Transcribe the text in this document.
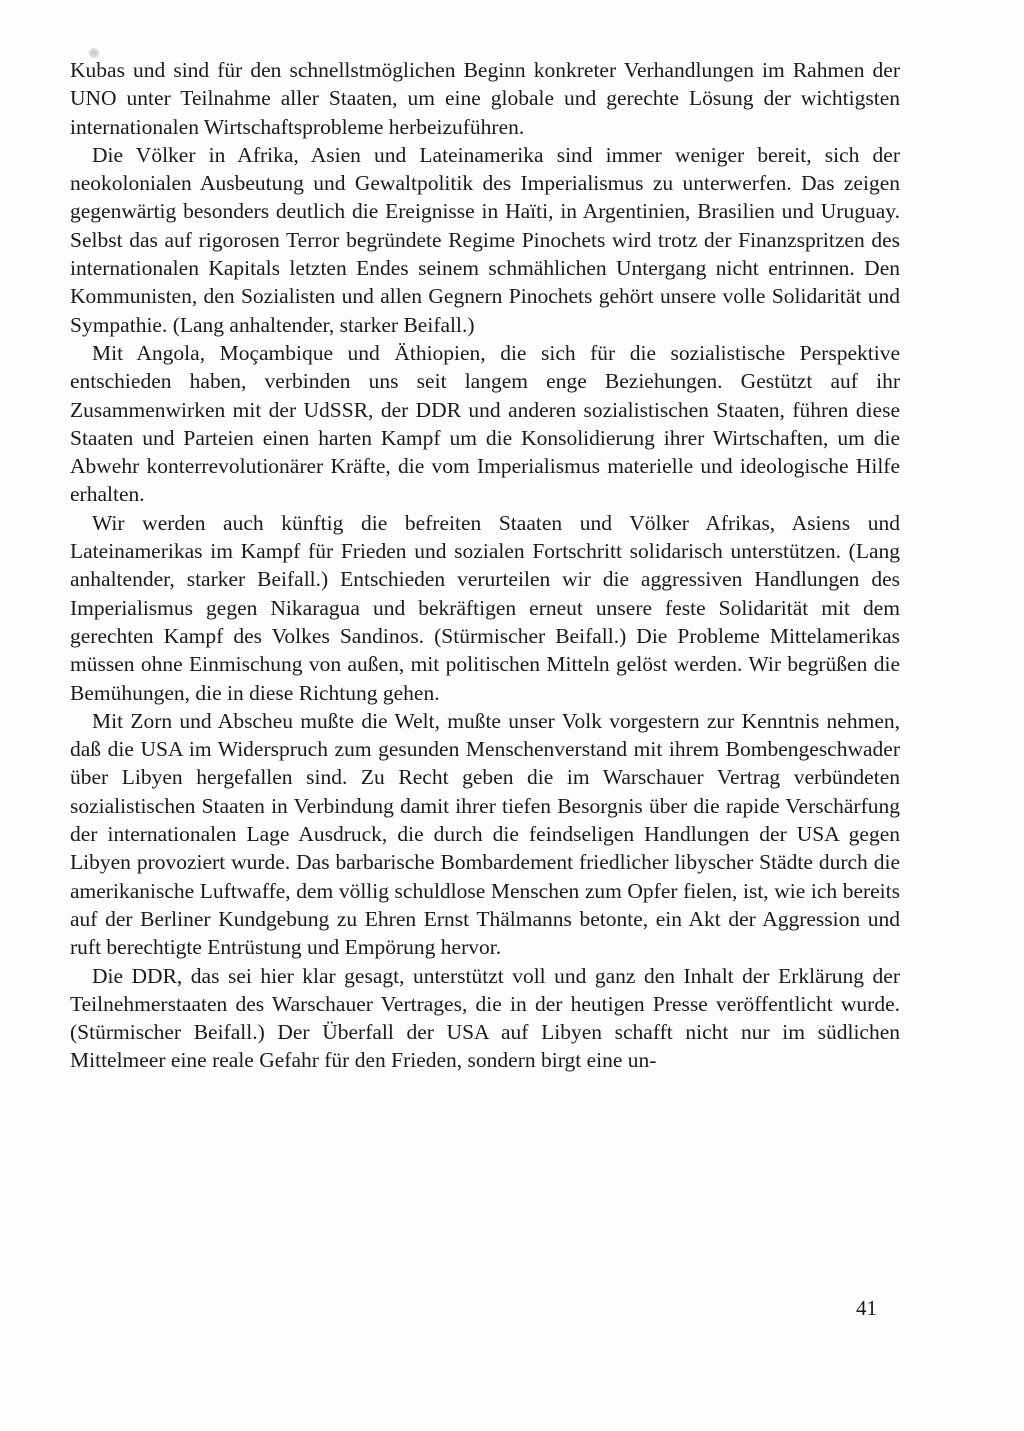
Kubas und sind für den schnellstmöglichen Beginn konkreter Verhandlungen im Rahmen der UNO unter Teilnahme aller Staaten, um eine globale und gerechte Lösung der wichtigsten internationalen Wirtschaftsprobleme herbeizuführen.

Die Völker in Afrika, Asien und Lateinamerika sind immer weniger bereit, sich der neokolonialen Ausbeutung und Gewaltpolitik des Imperialismus zu unterwerfen. Das zeigen gegenwärtig besonders deutlich die Ereignisse in Haïti, in Argentinien, Brasilien und Uruguay. Selbst das auf rigorosen Terror begründete Regime Pinochets wird trotz der Finanzspritzen des internationalen Kapitals letzten Endes seinem schmählichen Untergang nicht entrinnen. Den Kommunisten, den Sozialisten und allen Gegnern Pinochets gehört unsere volle Solidarität und Sympathie. (Lang anhaltender, starker Beifall.)

Mit Angola, Moçambique und Äthiopien, die sich für die sozialistische Perspektive entschieden haben, verbinden uns seit langem enge Beziehungen. Gestützt auf ihr Zusammenwirken mit der UdSSR, der DDR und anderen sozialistischen Staaten, führen diese Staaten und Parteien einen harten Kampf um die Konsolidierung ihrer Wirtschaften, um die Abwehr konterrevolutionärer Kräfte, die vom Imperialismus materielle und ideologische Hilfe erhalten.

Wir werden auch künftig die befreiten Staaten und Völker Afrikas, Asiens und Lateinamerikas im Kampf für Frieden und sozialen Fortschritt solidarisch unterstützen. (Lang anhaltender, starker Beifall.) Entschieden verurteilen wir die aggressiven Handlungen des Imperialismus gegen Nikaragua und bekräftigen erneut unsere feste Solidarität mit dem gerechten Kampf des Volkes Sandinos. (Stürmischer Beifall.) Die Probleme Mittelamerikas müssen ohne Einmischung von außen, mit politischen Mitteln gelöst werden. Wir begrüßen die Bemühungen, die in diese Richtung gehen.

Mit Zorn und Abscheu mußte die Welt, mußte unser Volk vorgestern zur Kenntnis nehmen, daß die USA im Widerspruch zum gesunden Menschenverstand mit ihrem Bombengeschwader über Libyen hergefallen sind. Zu Recht geben die im Warschauer Vertrag verbündeten sozialistischen Staaten in Verbindung damit ihrer tiefen Besorgnis über die rapide Verschärfung der internationalen Lage Ausdruck, die durch die feindseligen Handlungen der USA gegen Libyen provoziert wurde. Das barbarische Bombardement friedlicher libyscher Städte durch die amerikanische Luftwaffe, dem völlig schuldlose Menschen zum Opfer fielen, ist, wie ich bereits auf der Berliner Kundgebung zu Ehren Ernst Thälmanns betonte, ein Akt der Aggression und ruft berechtigte Entrüstung und Empörung hervor.

Die DDR, das sei hier klar gesagt, unterstützt voll und ganz den Inhalt der Erklärung der Teilnehmerstaaten des Warschauer Vertrages, die in der heutigen Presse veröffentlicht wurde. (Stürmischer Beifall.) Der Überfall der USA auf Libyen schafft nicht nur im südlichen Mittelmeer eine reale Gefahr für den Frieden, sondern birgt eine un-

41
